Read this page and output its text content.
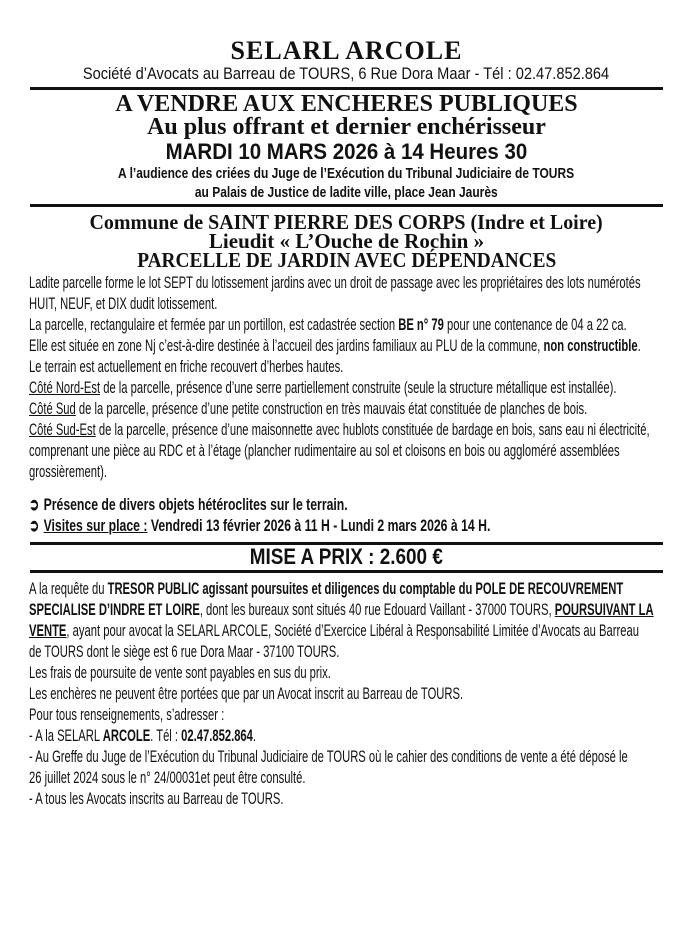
SELARL ARCOLE
Société d’Avocats au Barreau de TOURS, 6 Rue Dora Maar - Tél : 02.47.852.864
A VENDRE AUX ENCHERES PUBLIQUES
Au plus offrant et dernier enchérisseur
MARDI 10 MARS 2026 à 14 Heures 30
A l’audience des criées du Juge de l’Exécution du Tribunal Judiciaire de TOURS
au Palais de Justice de ladite ville, place Jean Jaurès
Commune de SAINT PIERRE DES CORPS (Indre et Loire)
Lieudit « L’Ouche de Rochin »
PARCELLE DE JARDIN AVEC DÉPENDANCES
Ladite parcelle forme le lot SEPT du lotissement jardins avec un droit de passage avec les propriétaires des lots numérotés
HUIT, NEUF, et DIX dudit lotissement.
La parcelle, rectangulaire et fermée par un portillon, est cadastrée section BE n° 79 pour une contenance de 04 a 22 ca.
Elle est située en zone Nj c’est-à-dire destinée à l’accueil des jardins familiaux au PLU de la commune, non constructible.
Le terrain est actuellement en friche recouvert d’herbes hautes.
Côté Nord-Est de la parcelle, présence d’une serre partiellement construite (seule la structure métallique est installée).
Côté Sud de la parcelle, présence d’une petite construction en très mauvais état constituée de planches de bois.
Côté Sud-Est de la parcelle, présence d’une maisonnette avec hublots constituée de bardage en bois, sans eau ni électricité,
comprenant une pièce au RDC et à l’étage (plancher rudimentaire au sol et cloisons en bois ou aggloméré assemblées
grossièrement).
➲ Présence de divers objets hétéroclites sur le terrain.
➲ Visites sur place : Vendredi 13 février 2026 à 11 H - Lundi 2 mars 2026 à 14 H.
MISE A PRIX : 2.600 €
A la requête du TRESOR PUBLIC agissant poursuites et diligences du comptable du POLE DE RECOUVREMENT
SPECIALISE D’INDRE ET LOIRE, dont les bureaux sont situés 40 rue Edouard Vaillant - 37000 TOURS, POURSUIVANT LA
VENTE, ayant pour avocat la SELARL ARCOLE, Société d’Exercice Libéral à Responsabilité Limitée d’Avocats au Barreau
de TOURS dont le siège est 6 rue Dora Maar - 37100 TOURS.
Les frais de poursuite de vente sont payables en sus du prix.
Les enchères ne peuvent être portées que par un Avocat inscrit au Barreau de TOURS.
Pour tous renseignements, s’adresser :
- A la SELARL ARCOLE. Tél : 02.47.852.864.
- Au Greffe du Juge de l’Exécution du Tribunal Judiciaire de TOURS où le cahier des conditions de vente a été déposé le
26 juillet 2024 sous le n° 24/00031et peut être consulté.
- A tous les Avocats inscrits au Barreau de TOURS.
